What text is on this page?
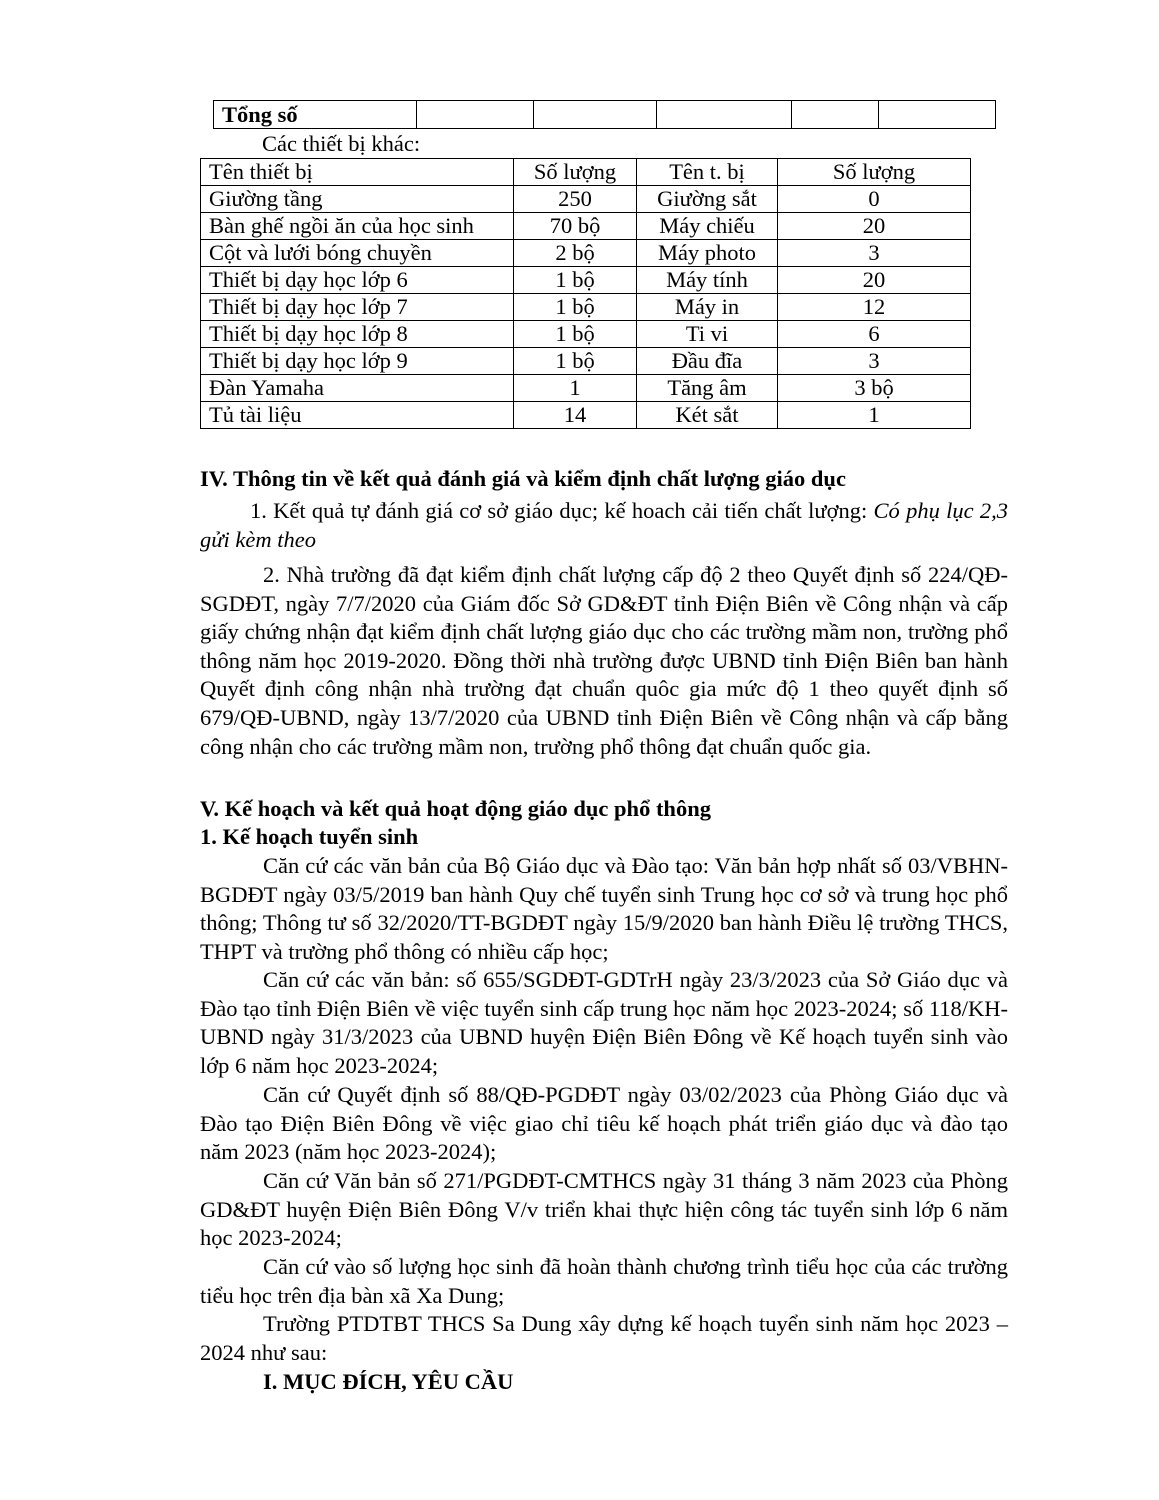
Tổng số					
Các thiết bị khác:
Tên thiết bị	Số lượng	Tên t. bị	Số lượng
Giường tầng	250	Giường sắt	0
Bàn ghế ngồi ăn của học sinh	70 bộ	Máy chiếu	20
Cột và lưới bóng chuyền	2 bộ	Máy photo	3
Thiết bị dạy học lớp 6	1 bộ	Máy tính	20
Thiết bị dạy học lớp 7	1 bộ	Máy in	12
Thiết bị dạy học lớp 8	1 bộ	Ti vi	6
Thiết bị dạy học lớp 9	1 bộ	Đầu đĩa	3
Đàn Yamaha	1	Tăng âm	3 bộ
Tủ tài liệu	14	Két sắt	1
IV. Thông tin về kết quả đánh giá và kiểm định chất lượng giáo dục
1. Kết quả tự đánh giá cơ sở giáo dục; kế hoach cải tiến chất lượng: Có phụ lục 2,3 gửi kèm theo
2. Nhà trường đã đạt kiểm định chất lượng cấp độ 2 theo Quyết định số 224/QĐ-SGDĐT, ngày 7/7/2020 của Giám đốc Sở GD&ĐT tỉnh Điện Biên về Công nhận và cấp giấy chứng nhận đạt kiểm định chất lượng giáo dục cho các trường mầm non, trường phổ thông năm học 2019-2020. Đồng thời nhà trường được UBND tỉnh Điện Biên ban hành Quyết định công nhận nhà trường đạt chuẩn quôc gia mức độ 1 theo quyết định số 679/QĐ-UBND, ngày 13/7/2020 của UBND tỉnh Điện Biên về Công nhận và cấp bằng công nhận cho các trường mầm non, trường phổ thông đạt chuẩn quốc gia.
V. Kế hoạch và kết quả hoạt động giáo dục phổ thông
1. Kế hoạch tuyển sinh
Căn cứ các văn bản của Bộ Giáo dục và Đào tạo: Văn bản hợp nhất số 03/VBHN-BGDĐT ngày 03/5/2019 ban hành Quy chế tuyển sinh Trung học cơ sở và trung học phổ thông; Thông tư số 32/2020/TT-BGDĐT ngày 15/9/2020 ban hành Điều lệ trường THCS, THPT và trường phổ thông có nhiều cấp học;
Căn cứ các văn bản: số 655/SGDĐT-GDTrH ngày 23/3/2023 của Sở Giáo dục và Đào tạo tỉnh Điện Biên về việc tuyển sinh cấp trung học năm học 2023-2024; số 118/KH-UBND ngày 31/3/2023 của UBND huyện Điện Biên Đông về Kế hoạch tuyển sinh vào lớp 6 năm học 2023-2024;
Căn cứ Quyết định số 88/QĐ-PGDĐT ngày 03/02/2023 của Phòng Giáo dục và Đào tạo Điện Biên Đông về việc giao chỉ tiêu kế hoạch phát triển giáo dục và đào tạo năm 2023 (năm học 2023-2024);
Căn cứ Văn bản số 271/PGDĐT-CMTHCS ngày 31 tháng 3 năm 2023 của Phòng GD&ĐT huyện Điện Biên Đông V/v triển khai thực hiện công tác tuyển sinh lớp 6 năm học 2023-2024;
Căn cứ vào số lượng học sinh đã hoàn thành chương trình tiểu học của các trường tiểu học trên địa bàn xã Xa Dung;
Trường PTDTBT THCS Sa Dung xây dựng kế hoạch tuyển sinh năm học 2023 – 2024 như sau:
I. MỤC ĐÍCH, YÊU CẦU
